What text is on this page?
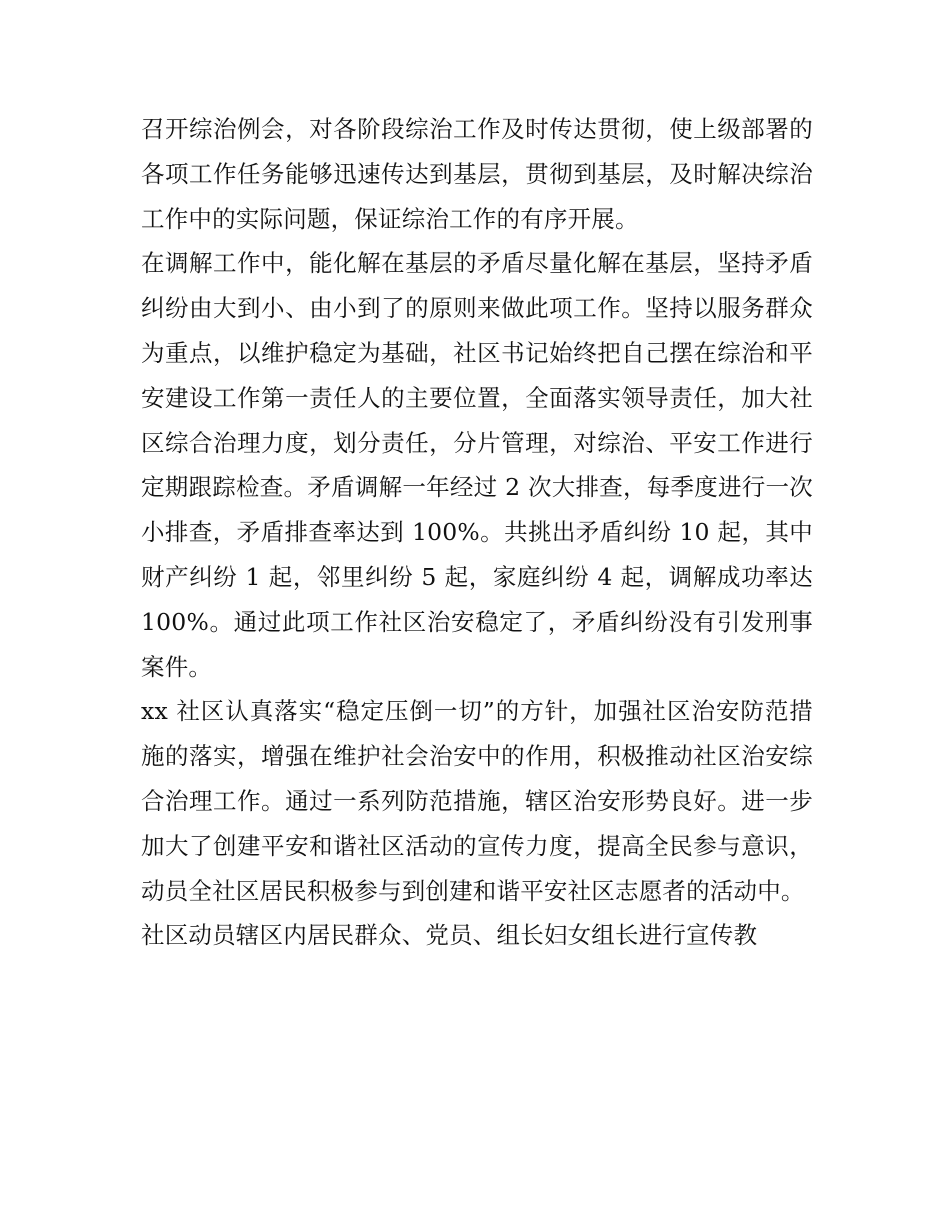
召开综治例会，对各阶段综治工作及时传达贯彻，使上级部署的各项工作任务能够迅速传达到基层，贯彻到基层，及时解决综治工作中的实际问题，保证综治工作的有序开展。

在调解工作中，能化解在基层的矛盾尽量化解在基层，坚持矛盾纠纷由大到小、由小到了的原则来做此项工作。坚持以服务群众为重点，以维护稳定为基础，社区书记始终把自己摆在综治和平安建设工作第一责任人的主要位置，全面落实领导责任，加大社区综合治理力度，划分责任，分片管理，对综治、平安工作进行定期跟踪检查。矛盾调解一年经过 2 次大排查，每季度进行一次小排查，矛盾排查率达到 100%。共挑出矛盾纠纷 10 起，其中财产纠纷 1 起，邻里纠纷 5 起，家庭纠纷 4 起，调解成功率达 100%。通过此项工作社区治安稳定了，矛盾纠纷没有引发刑事案件。

xx 社区认真落实“稳定压倒一切”的方针，加强社区治安防范措施的落实，增强在维护社会治安中的作用，积极推动社区治安综合治理工作。通过一系列防范措施，辖区治安形势良好。进一步加大了创建平安和谐社区活动的宣传力度，提高全民参与意识，动员全社区居民积极参与到创建和谐平安社区志愿者的活动中。

社区动员辖区内居民群众、党员、组长妇女组长进行宣传教
